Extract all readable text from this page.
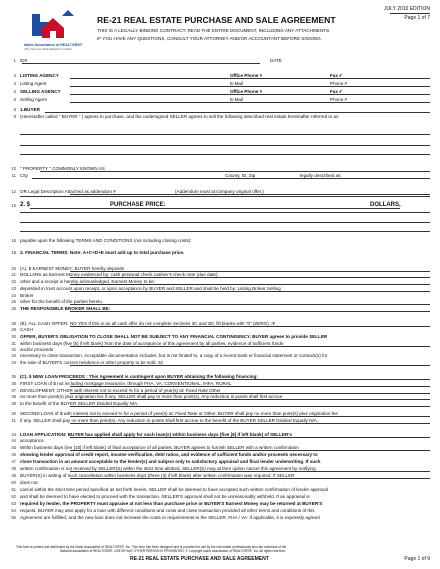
Idaho Association of REALTORS®
The Voice for Real Estate® in Idaho
JULY 2010 EDITION
Page 1 of 7
RE-21 REAL ESTATE PURCHASE AND SALE AGREEMENT
THIS IS A LEGALLY BINDING CONTRACT. READ THE ENTIRE DOCUMENT, INCLUDING ANY ATTACHMENTS.
IF YOU HAVE ANY QUESTIONS, CONSULT YOUR ATTORNEY AND/OR ACCOUNTANT BEFORE SIGNING.
1 ID#	DATE
3 LISTING AGENCY	Office Phone #	Fax #
4 Listing Agent	E-Mail	Phone #
5 SELLING AGENCY	Office Phone #	Fax #
6 Selling Agent	E-Mail	Phone #
8 1.BUYER
9 (Hereinafter called " BUYER " ) agrees to purchase, and the undersigned SELLER agrees to sell the following described real estate hereinafter referred to as
10 " PROPERTY " COMMONLY KNOWN AS
11 City	County, ID, Zip	legally described as:
12 OR Legal Description Attached as addendum #	(Addendum must accompany original offer.)
15 2. $	PURCHASE PRICE:	DOLLARS,
16 payable upon the following TERMS AND CONDITIONS (not including closing costs):
18 3. FINANCIAL TERMS: Note: A+C+D+E must add up to total purchase price.
20 (A). $ EARNEST MONEY: BUYER hereby deposits
21 DOLLARS as Earnest Money evidenced by: cash personal check cashier's check note (due date):
22 other and a receipt is hereby acknowledged. Earnest Money to be:
23 deposited in trust account upon receipt, or upon acceptance by BUYER and SELLER and shall be held by: Listing Broker Selling
24 Broker
25 other for the benefit of the parties hereto.
26 THE RESPONSIBLE BROKER SHALL BE:
28 (B). ALL CASH OFFER: NO YES If this is an all cash offer do not complete Sections 3C and 3D, fill blanks with "0" (ZERO). IF
29 CASH
30 OFFER, BUYER'S OBLIGATION TO CLOSE SHALL NOT BE SUBJECT TO ANY FINANCIAL CONTINGENCY. BUYER agrees to provide SELLER
31 within business days (five [5] if left blank) from the date of acceptance of this agreement by all parties, evidence of sufficient funds
32 and/or proceeds
33 necessary to close transaction. Acceptable documentation includes, but is not limited to, a copy of a recent bank or financial statement or contract(s) for
34 the sale of BUYER'S current residence or other property to be sold. 32
35 (C). $ NEW LOAN PROCEEDS : This Agreement is contingent upon BUYER obtaining the following financing:
36 FIRST LOAN of $ not including mortgage insurance, through FHA, VA, CONVENTIONAL, IHFA, RURAL
37 DEVELOPMENT, OTHER with interest not to exceed % for a period of year(s) at: Fixed Rate Other
38 no more than point(s) plus origination fee if any. SELLER shall pay or more than point(s). Any reduction in points shall first accrue
39 to the benefit of the BUYER SELLER Divided Equally N/A.
40 SECOND LOAN of $ with interest not to exceed % for a period of year(s) at: Fixed Rate or Other. BUYER shall pay no more than point(s) plus origination fee
41 if any. SELLER shall pay no more than point(s). Any reduction in points shall first accrue to the benefit of the BUYER SELLER Divided Equally N/A.
43 LOAN APPLICATION: BUYER has applied shall apply for such loan(s) within business days (five [5] if left blank) of SELLER's
44 acceptance.
45 Within business days (ten [10] if left blank) of final acceptance of all parties, BUYER agrees to furnish SELLER with a written confirmation
46 showing lender approval of credit report, income verification, debt ratios, and evidence of sufficient funds and/or proceeds necessary to
47 close transaction in an amount acceptable to the lender(s) and subject only to satisfactory appraisal and final lender underwriting. If such
48 written confirmation is not received by SELLER(S) within the strict time allotted, SELLER(S) may at their option cancel this agreement by notifying
49 BUYER(S) in writing of such cancellation within business days (three (3) if left blank) after written confirmation was required. If SELLER
50 does not
51 cancel within the strict time period specified as set forth herein, SELLER shall be deemed to have accepted such written confirmation of lender approval
52 and shall be deemed to have elected to proceed with the transaction. SELLER'S approval shall not be unreasonably withheld. If an appraisal is
53 required by lender, the PROPERTY must appraise at not less than purchase price or BUYER'S Earnest Money may be returned at BUYER'S
54 request. BUYER may also apply for a loan with different conditions and costs and close transaction provided all other terms and conditions of this
55 Agreement are fulfilled, and the new loan does not increase the costs or requirements to the SELLER. FHA / VA: If applicable, it is expressly agreed
This form is printed and distributed by the Idaho Association of REALTORS®, Inc. This form has been designed and is provided for use by the real estate professionals who are members of the
National Association of REALTORS®. USE BY ANY OTHER PERSON IS PROHIBITED. © Copyright Idaho Association of REALTORS®, Inc. All rights reserved.
RE-21 REAL ESTATE PURCHASE AND SALE AGREEMENT	Page 1 of 9
